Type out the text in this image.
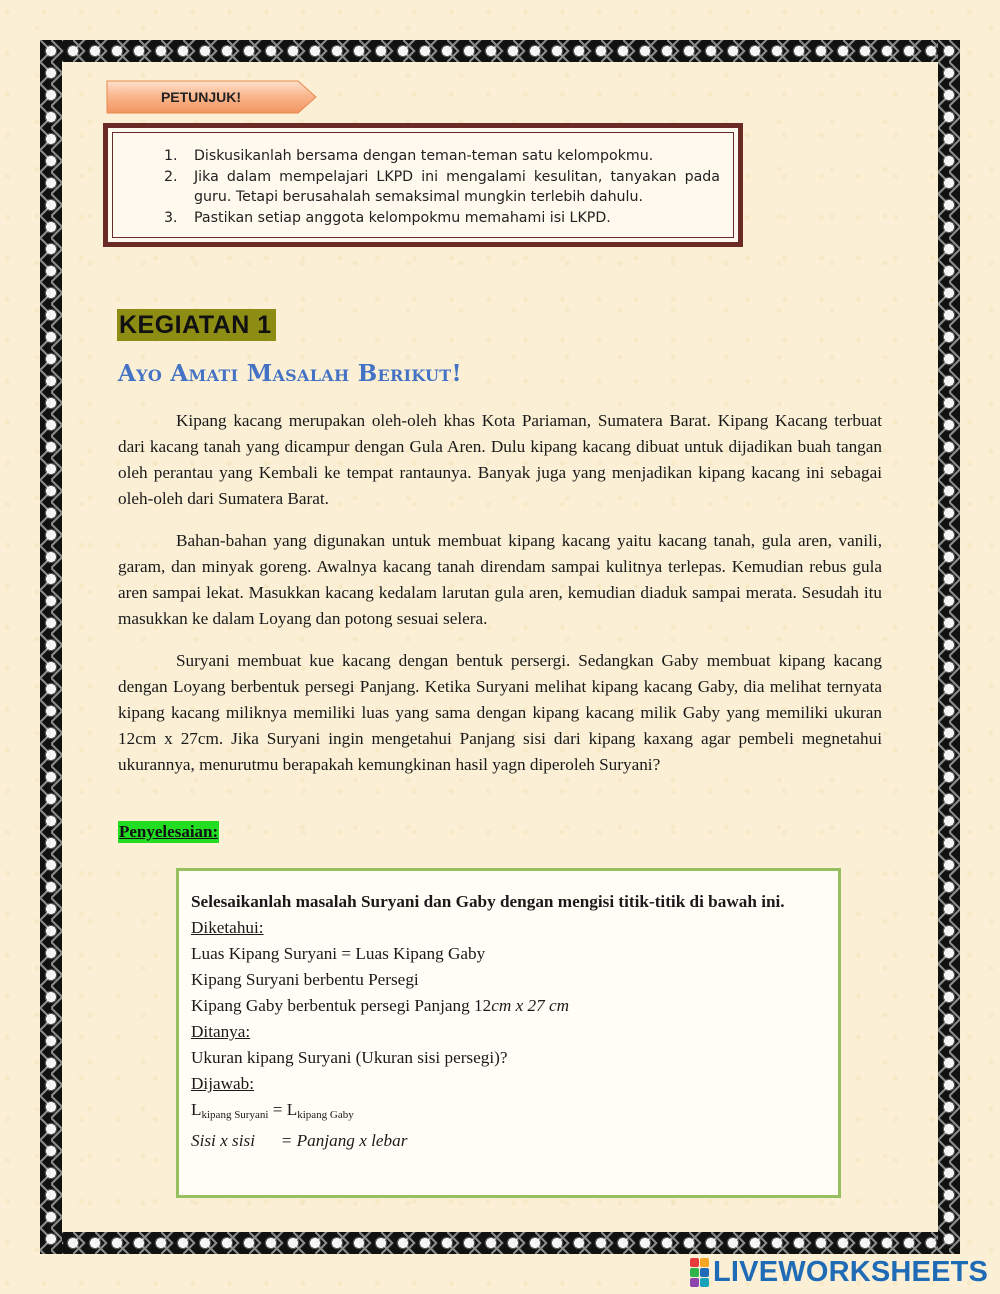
PETUNJUK!
1. Diskusikanlah bersama dengan teman-teman satu kelompokmu.
2. Jika dalam mempelajari LKPD ini mengalami kesulitan, tanyakan pada guru. Tetapi berusahalah semaksimal mungkin terlebih dahulu.
3. Pastikan setiap anggota kelompokmu memahami isi LKPD.
KEGIATAN 1
Ayo Amati Masalah Berikut!

Kipang kacang merupakan oleh-oleh khas Kota Pariaman, Sumatera Barat. Kipang Kacang terbuat dari kacang tanah yang dicampur dengan Gula Aren. Dulu kipang kacang dibuat untuk dijadikan buah tangan oleh perantau yang Kembali ke tempat rantaunya. Banyak juga yang menjadikan kipang kacang ini sebagai oleh-oleh dari Sumatera Barat.

Bahan-bahan yang digunakan untuk membuat kipang kacang yaitu kacang tanah, gula aren, vanili, garam, dan minyak goreng. Awalnya kacang tanah direndam sampai kulitnya terlepas. Kemudian rebus gula aren sampai lekat. Masukkan kacang kedalam larutan gula aren, kemudian diaduk sampai merata. Sesudah itu masukkan ke dalam Loyang dan potong sesuai selera.

Suryani membuat kue kacang dengan bentuk persergi. Sedangkan Gaby membuat kipang kacang dengan Loyang berbentuk persegi Panjang. Ketika Suryani melihat kipang kacang Gaby, dia melihat ternyata kipang kacang miliknya memiliki luas yang sama dengan kipang kacang milik Gaby yang memiliki ukuran 12cm x 27cm. Jika Suryani ingin mengetahui Panjang sisi dari kipang kaxang agar pembeli megnetahui ukurannya, menurutmu berapakah kemungkinan hasil yagn diperoleh Suryani?

Penyelesaian:
Selesaikanlah masalah Suryani dan Gaby dengan mengisi titik-titik di bawah ini.
Diketahui:
Luas Kipang Suryani = Luas Kipang Gaby
Kipang Suryani berbentu Persegi
Kipang Gaby berbentuk persegi Panjang 12cm x 27 cm
Ditanya:
Ukuran kipang Suryani (Ukuran sisi persegi)?
Dijawab:
$L_{kipang Suryani} = L_{kipang Gaby}$
Sisi x sisi      = Panjang x lebar
LIVEWORKSHEETS
